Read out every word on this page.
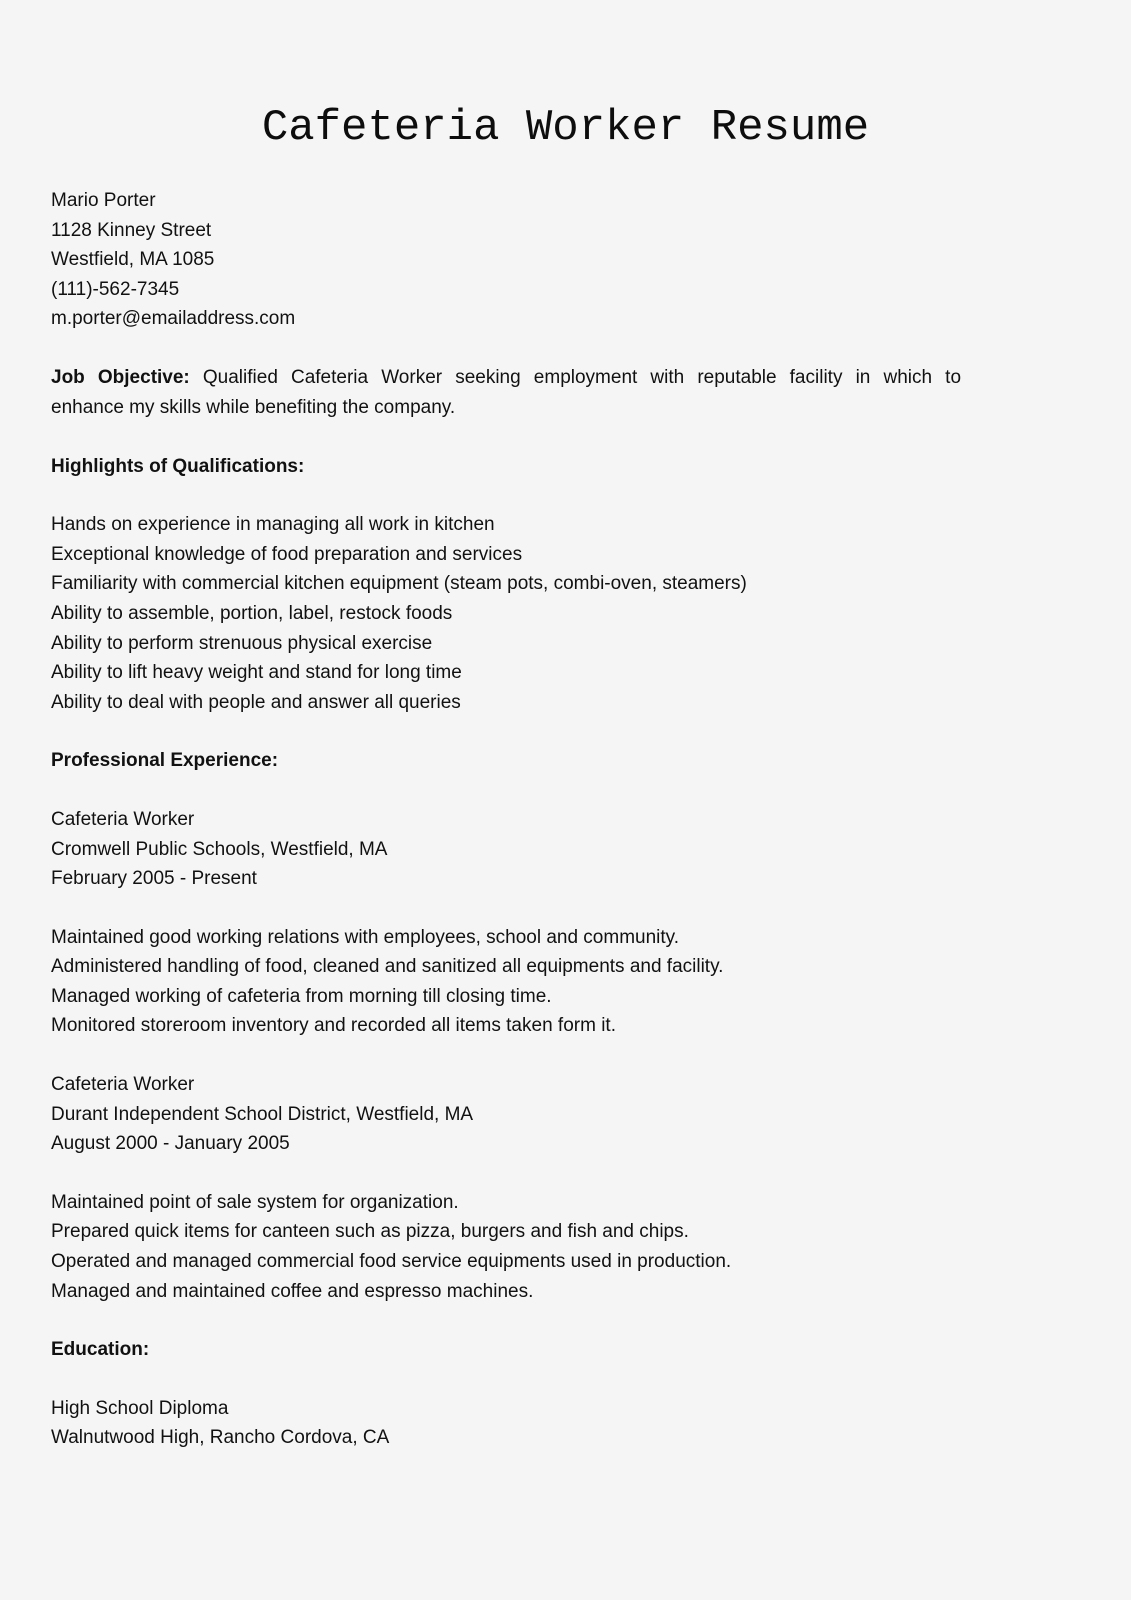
Cafeteria Worker Resume
Mario Porter
1128 Kinney Street
Westfield, MA 1085
(111)-562-7345
m.porter@emailaddress.com
Job Objective: Qualified Cafeteria Worker seeking employment with reputable facility in which to
enhance my skills while benefiting the company.
Highlights of Qualifications:
Hands on experience in managing all work in kitchen
Exceptional knowledge of food preparation and services
Familiarity with commercial kitchen equipment (steam pots, combi-oven, steamers)
Ability to assemble, portion, label, restock foods
Ability to perform strenuous physical exercise
Ability to lift heavy weight and stand for long time
Ability to deal with people and answer all queries
Professional Experience:
Cafeteria Worker
Cromwell Public Schools, Westfield, MA
February 2005 - Present
Maintained good working relations with employees, school and community.
Administered handling of food, cleaned and sanitized all equipments and facility.
Managed working of cafeteria from morning till closing time.
Monitored storeroom inventory and recorded all items taken form it.
Cafeteria Worker
Durant Independent School District, Westfield, MA
August 2000 - January 2005
Maintained point of sale system for organization.
Prepared quick items for canteen such as pizza, burgers and fish and chips.
Operated and managed commercial food service equipments used in production.
Managed and maintained coffee and espresso machines.
Education:
High School Diploma
Walnutwood High, Rancho Cordova, CA
